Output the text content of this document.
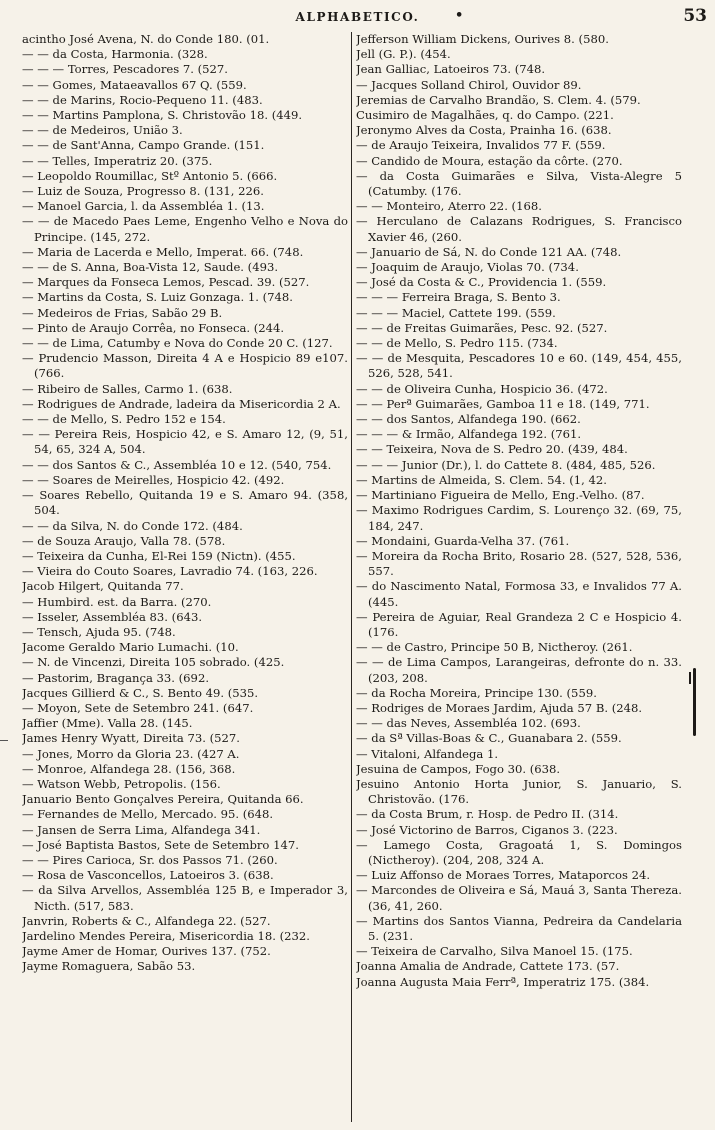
ALPHABETICO.	•	53

acintho José Avena, N. do Conde 180. (01.

— — da Costa, Harmonia. (328.

— — — Torres, Pescadores 7. (527.

— — Gomes, Mataeavallos 67 Q. (559.

— — de Marins, Rocio-Pequeno 11. (483.

— — Martins Pamplona, S. Christovão 18. (449.

— — de Medeiros, União 3.

— — de Sant'Anna, Campo Grande. (151.

— — Telles, Imperatriz 20. (375.

— Leopoldo Roumillac, Stº Antonio 5. (666.

— Luiz de Souza, Progresso 8. (131, 226.

— Manoel Garcia, l. da Assembléa 1. (13.

— — de Macedo Paes Leme, Engenho Velho e Nova do Principe. (145, 272.

— Maria de Lacerda e Mello, Imperat. 66. (748.

— — de S. Anna, Boa-Vista 12, Saude. (493.

— Marques da Fonseca Lemos, Pescad. 39. (527.

— Martins da Costa, S. Luiz Gonzaga. 1. (748.

— Medeiros de Frias, Sabão 29 B.

— Pinto de Araujo Corrêa, no Fonseca. (244.

— — de Lima, Catumby e Nova do Conde 20 C. (127.

— Prudencio Masson, Direita 4 A e Hospicio 89 e107. (766.

— Ribeiro de Salles, Carmo 1. (638.

— Rodrigues de Andrade, ladeira da Misericordia 2 A.

— — de Mello, S. Pedro 152 e 154.

— — Pereira Reis, Hospicio 42, e S. Amaro 12, (9, 51, 54, 65, 324 A, 504.

— — dos Santos & C., Assembléa 10 e 12. (540, 754.

— — Soares de Meirelles, Hospicio 42. (492.

— Soares Rebello, Quitanda 19 e S. Amaro 94. (358, 504.

— — da Silva, N. do Conde 172. (484.

— de Souza Araujo, Valla 78. (578.

— Teixeira da Cunha, El-Rei 159 (Nictn). (455.

— Vieira do Couto Soares, Lavradio 74. (163, 226.

Jacob Hilgert, Quitanda 77.

— Humbird. est. da Barra. (270.

— Isseler, Assembléa 83. (643.

— Tensch, Ajuda 95. (748.

Jacome Geraldo Mario Lumachi. (10.

— N. de Vincenzi, Direita 105 sobrado. (425.

— Pastorim, Bragança 33. (692.

Jacques Gillierd & C., S. Bento 49. (535.

— Moyon, Sete de Setembro 241. (647.

Jaffier (Mme). Valla 28. (145.

James Henry Wyatt, Direita 73. (527.

— Jones, Morro da Gloria 23. (427 A.

— Monroe, Alfandega 28. (156, 368.

— Watson Webb, Petropolis. (156.

Januario Bento Gonçalves Pereira, Quitanda 66.

— Fernandes de Mello, Mercado. 95. (648.

— Jansen de Serra Lima, Alfandega 341.

— José Baptista Bastos, Sete de Setembro 147.

— — Pires Carioca, Sr. dos Passos 71. (260.

— Rosa de Vasconcellos, Latoeiros 3. (638.

— da Silva Arvellos, Assembléa 125 B, e Imperador 3, Nicth. (517, 583.

Janvrin, Roberts & C., Alfandega 22. (527.

Jardelino Mendes Pereira, Misericordia 18. (232.

Jayme Amer de Homar, Ourives 137. (752.

Jayme Romaguera, Sabão 53.

Jefferson William Dickens, Ourives 8. (580.

Jell (G. P.). (454.

Jean Galliac, Latoeiros 73. (748.

— Jacques Solland Chirol, Ouvidor 89.

Jeremias de Carvalho Brandão, S. Clem. 4. (579.

Cusimiro de Magalhães, q. do Campo. (221.

Jeronymo Alves da Costa, Prainha 16. (638.

— de Araujo Teixeira, Invalidos 77 F. (559.

— Candido de Moura, estação da côrte. (270.

— da Costa Guimarães e Silva, Vista-Alegre 5 (Catumby. (176.

— — Monteiro, Aterro 22. (168.

— Herculano de Calazans Rodrigues, S. Francisco Xavier 46, (260.

— Januario de Sá, N. do Conde 121 AA. (748.

— Joaquim de Araujo, Violas 70. (734.

— José da Costa & C., Providencia 1. (559.

— — — Ferreira Braga, S. Bento 3.

— — — Maciel, Cattete 199. (559.

— — de Freitas Guimarães, Pesc. 92. (527.

— — de Mello, S. Pedro 115. (734.

— — de Mesquita, Pescadores 10 e 60. (149, 454, 455, 526, 528, 541.

— — de Oliveira Cunha, Hospicio 36. (472.

— — Perª Guimarães, Gamboa 11 e 18. (149, 771.

— — dos Santos, Alfandega 190. (662.

— — — & Irmão, Alfandega 192. (761.

— — Teixeira, Nova de S. Pedro 20. (439, 484.

— — — Junior (Dr.), l. do Cattete 8. (484, 485, 526.

— Martins de Almeida, S. Clem. 54. (1, 42.

— Martiniano Figueira de Mello, Eng.-Velho. (87.

— Maximo Rodrigues Cardim, S. Lourenço 32. (69, 75, 184, 247.

— Mondaini, Guarda-Velha 37. (761.

— Moreira da Rocha Brito, Rosario 28. (527, 528, 536, 557.

— do Nascimento Natal, Formosa 33, e Invalidos 77 A. (445.

— Pereira de Aguiar, Real Grandeza 2 C e Hospicio 4. (176.

— — de Castro, Principe 50 B, Nictheroy. (261.

— — de Lima Campos, Larangeiras, defronte do n. 33. (203, 208.

— da Rocha Moreira, Principe 130. (559.

— Rodriges de Moraes Jardim, Ajuda 57 B. (248.

— — das Neves, Assembléa 102. (693.

— da Sª Villas-Boas & C., Guanabara 2. (559.

— Vitaloni, Alfandega 1.

Jesuina de Campos, Fogo 30. (638.

Jesuino Antonio Horta Junior, S. Januario, S. Christovão. (176.

— da Costa Brum, r. Hosp. de Pedro II. (314.

— José Victorino de Barros, Ciganos 3. (223.

— Lamego Costa, Gragoatá 1, S. Domingos (Nictheroy). (204, 208, 324 A.

— Luiz Affonso de Moraes Torres, Mataporcos 24.

— Marcondes de Oliveira e Sá, Mauá 3, Santa Thereza. (36, 41, 260.

— Martins dos Santos Vianna, Pedreira da Candelaria 5. (231.

— Teixeira de Carvalho, Silva Manoel 15. (175.

Joanna Amalia de Andrade, Cattete 173. (57.

Joanna Augusta Maia Ferrª, Imperatriz 175. (384.
